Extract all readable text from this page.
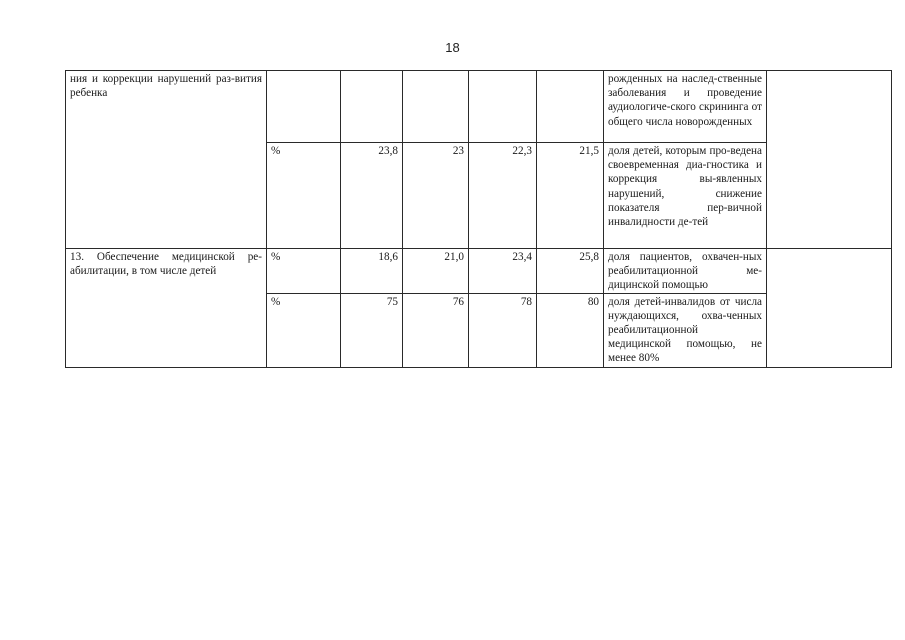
18
ния и коррекции нарушений раз-вития ребенка						рожденных на наслед-ственные заболевания и проведение аудиологиче-ского скрининга от общего числа новорожденных	

	%	23,8	23	22,3	21,5	доля детей, которым про-ведена своевременная диа-гностика и коррекция вы-явленных нарушений, снижение показателя пер-вичной инвалидности де-тей	

13. Обеспечение медицинской ре-абилитации, в том числе детей	%	18,6	21,0	23,4	25,8	доля пациентов, охвачен-ных реабилитационной ме-дицинской помощью	

	%	75	76	78	80	доля детей-инвалидов от числа нуждающихся, охва-ченных реабилитационной медицинской помощью, не менее 80%	
